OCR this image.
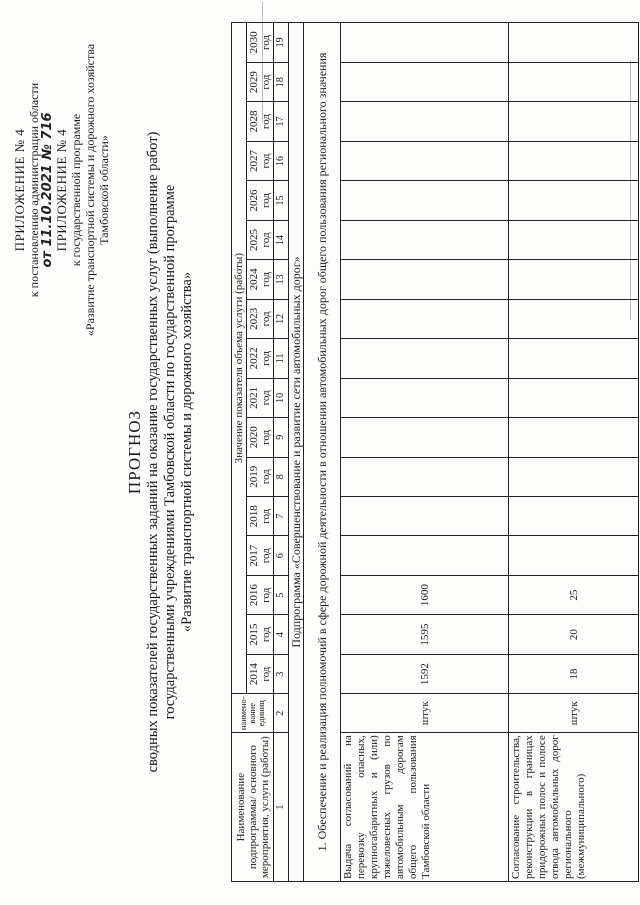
ПРИЛОЖЕНИЕ № 4 к постановлению администрации области от 11.10.2021 № 716 ПРИЛОЖЕНИЕ № 4 к государственной программе «Развитие транспортной системы и дорожного хозяйства Тамбовской области»
ПРОГНОЗ сводных показателей государственных заданий на оказание государственных услуг (выполнение работ) государственными учреждениями Тамбовской области по государственной программе «Развитие транспортной системы и дорожного хозяйства»
Наименование подпрограммы/ основного мероприятия, услуги (работы)	наимено-вание единиц	Значение показателя объема услуги (работы)																
		2014 год	2015 год	2016 год	2017 год	2018 год	2019 год	2020 год	2021 год	2022 год	2023 год	2024 год	2025 год	2026 год	2027 год	2028 год	2029 год	2030 год
1	2	3	4	5	6	7	8	9	10	11	12	13	14	15	16	17	18	19
Подпрограмма «Совершенствование и развитие сети автомобильных дорог»																		
1. Обеспечение и реализация полномочий в сфере дорожной деятельности в отношении автомобильных дорог общего пользования регионального значения																		
Выдача согласований на перевозку опасных, крупногабаритных и (или) тяжеловесных грузов по автомобильным дорогам общего пользования Тамбовской области	штук	1592	1595	1600														
Согласование строительства, реконструкции в границах придорожных полос и полосе отвода автомобильных дорог регионального (межмуниципального)	штук	18	20	25														
